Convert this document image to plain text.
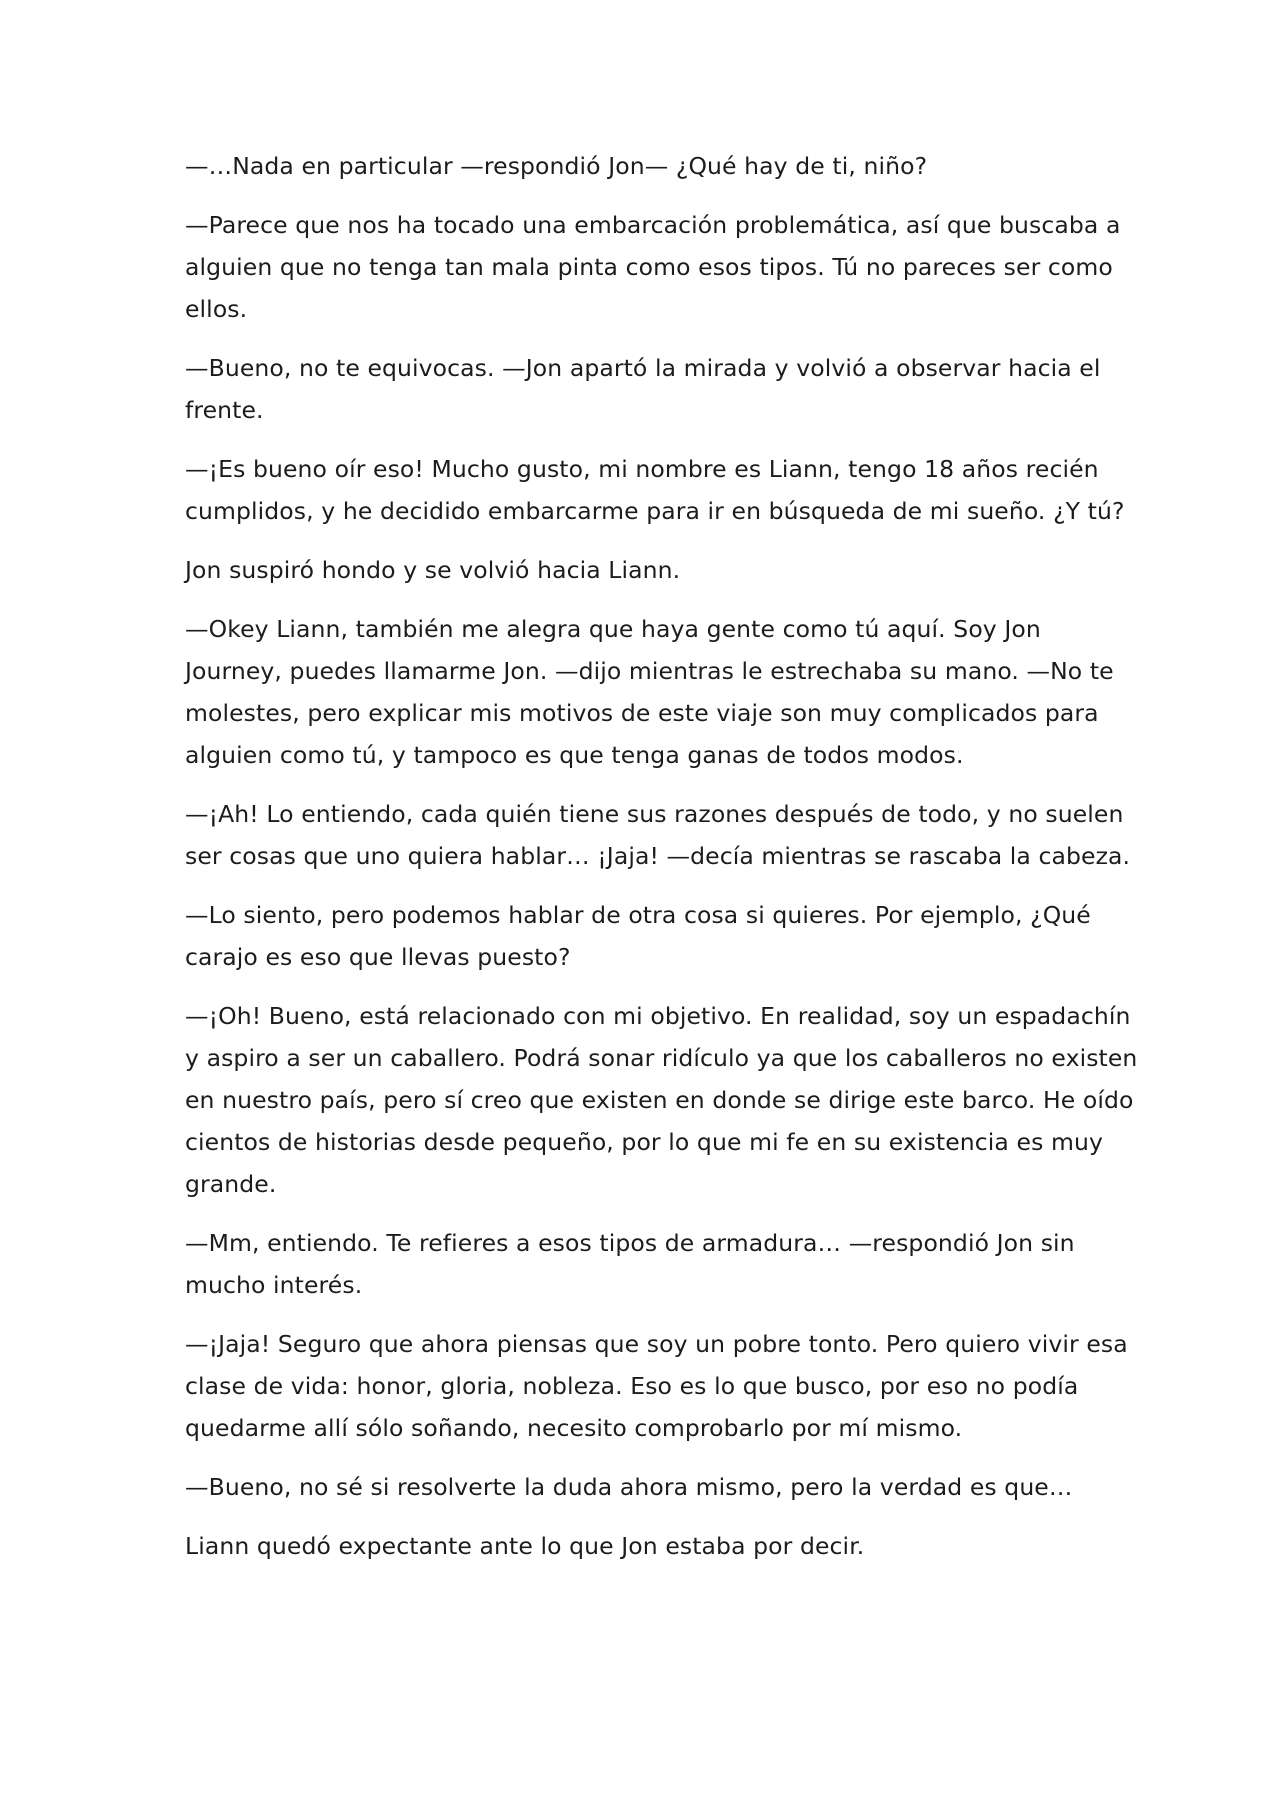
—…Nada en particular —respondió Jon— ¿Qué hay de ti, niño?

—Parece que nos ha tocado una embarcación problemática, así que buscaba a alguien que no tenga tan mala pinta como esos tipos. Tú no pareces ser como ellos.

—Bueno, no te equivocas. —Jon apartó la mirada y volvió a observar hacia el frente.

—¡Es bueno oír eso! Mucho gusto, mi nombre es Liann, tengo 18 años recién cumplidos, y he decidido embarcarme para ir en búsqueda de mi sueño. ¿Y tú?

Jon suspiró hondo y se volvió hacia Liann.

—Okey Liann, también me alegra que haya gente como tú aquí. Soy Jon Journey, puedes llamarme Jon. —dijo mientras le estrechaba su mano. —No te molestes, pero explicar mis motivos de este viaje son muy complicados para alguien como tú, y tampoco es que tenga ganas de todos modos.

—¡Ah! Lo entiendo, cada quién tiene sus razones después de todo, y no suelen ser cosas que uno quiera hablar… ¡Jaja! —decía mientras se rascaba la cabeza.

—Lo siento, pero podemos hablar de otra cosa si quieres. Por ejemplo, ¿Qué carajo es eso que llevas puesto?

—¡Oh! Bueno, está relacionado con mi objetivo. En realidad, soy un espadachín y aspiro a ser un caballero. Podrá sonar ridículo ya que los caballeros no existen en nuestro país, pero sí creo que existen en donde se dirige este barco. He oído cientos de historias desde pequeño, por lo que mi fe en su existencia es muy grande.

—Mm, entiendo. Te refieres a esos tipos de armadura… —respondió Jon sin mucho interés.

—¡Jaja! Seguro que ahora piensas que soy un pobre tonto. Pero quiero vivir esa clase de vida: honor, gloria, nobleza. Eso es lo que busco, por eso no podía quedarme allí sólo soñando, necesito comprobarlo por mí mismo.

—Bueno, no sé si resolverte la duda ahora mismo, pero la verdad es que…

Liann quedó expectante ante lo que Jon estaba por decir.
